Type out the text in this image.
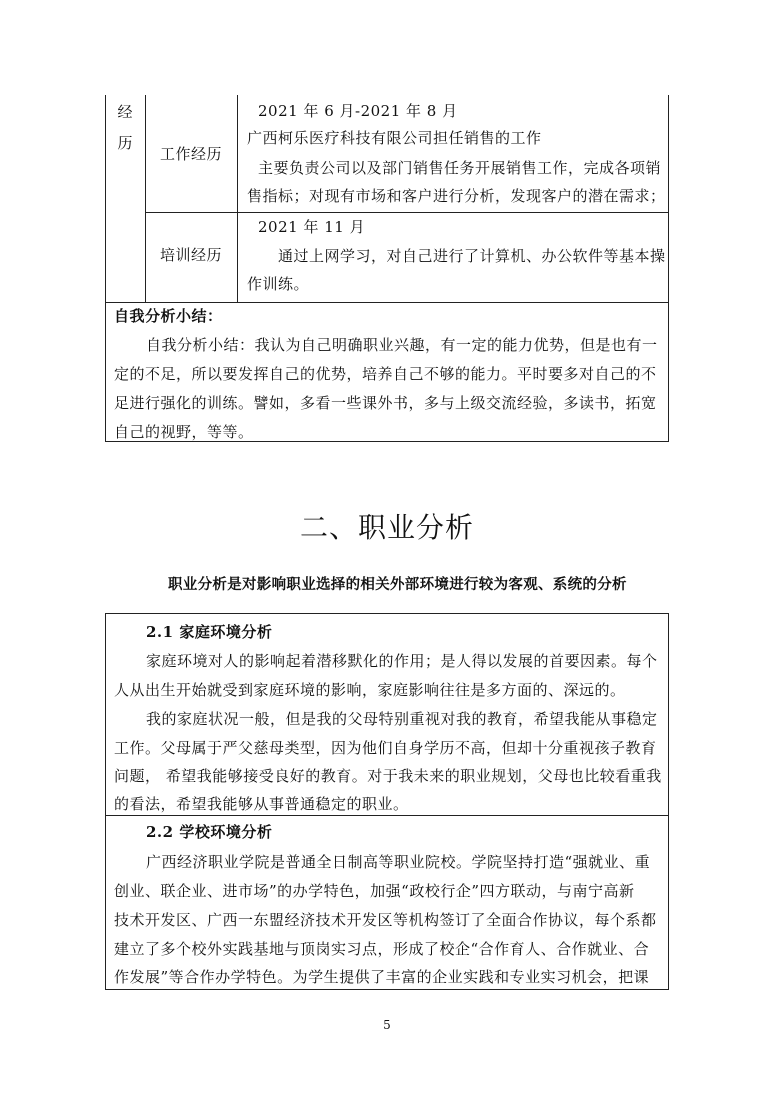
经
历
工作经历
2021 年 6 月-2021 年 8 月
广西柯乐医疗科技有限公司担任销售的工作
主要负责公司以及部门销售任务开展销售工作，完成各项销
售指标；对现有市场和客户进行分析，发现客户的潜在需求；
培训经历
2021 年 11 月
通过上网学习，对自己进行了计算机、办公软件等基本操
作训练。
自我分析小结：
自我分析小结：我认为自己明确职业兴趣，有一定的能力优势，但是也有一
定的不足，所以要发挥自己的优势，培养自己不够的能力。平时要多对自己的不
足进行强化的训练。譬如，多看一些课外书，多与上级交流经验，多读书，拓宽
自己的视野，等等。
二、职业分析
职业分析是对影响职业选择的相关外部环境进行较为客观、系统的分析
2.1 家庭环境分析
家庭环境对人的影响起着潜移默化的作用；是人得以发展的首要因素。每个
人从出生开始就受到家庭环境的影响，家庭影响往往是多方面的、深远的。
我的家庭状况一般，但是我的父母特别重视对我的教育，希望我能从事稳定
工作。父母属于严父慈母类型，因为他们自身学历不高，但却十分重视孩子教育
问题， 希望我能够接受良好的教育。对于我未来的职业规划，父母也比较看重我
的看法，希望我能够从事普通稳定的职业。
2.2 学校环境分析
广西经济职业学院是普通全日制高等职业院校。学院坚持打造“强就业、重
创业、联企业、进市场”的办学特色，加强“政校行企”四方联动，与南宁高新
技术开发区、广西一东盟经济技术开发区等机构签订了全面合作协议，每个系都
建立了多个校外实践基地与顶岗实习点，形成了校企“合作育人、合作就业、合
作发展”等合作办学特色。为学生提供了丰富的企业实践和专业实习机会，把课
5
